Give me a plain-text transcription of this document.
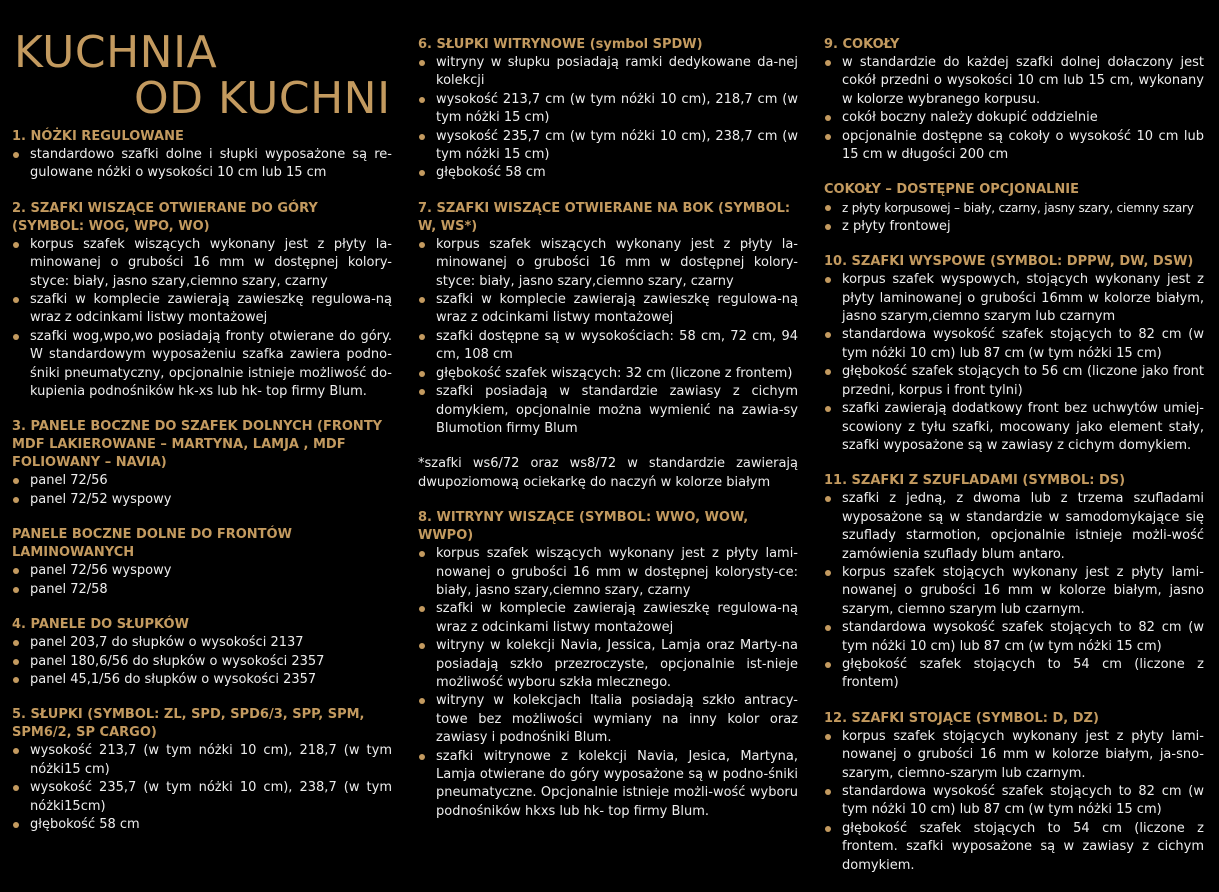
KUCHNIA
OD KUCHNI
1. NÓŻKI REGULOWANE
standardowo szafki dolne i słupki wyposażone są re-gulowane nóżki o wysokości 10 cm lub 15 cm
2. SZAFKI WISZĄCE OTWIERANE DO GÓRY (SYMBOL: WOG, WPO, WO)
korpus szafek wiszących wykonany jest z płyty la-minowanej o grubości 16 mm w dostępnej kolory-styce: biały, jasno szary,ciemno szary, czarny
szafki w komplecie zawierają zawieszkę regulowa-ną wraz z odcinkami listwy montażowej
szafki wog,wpo,wo posiadają fronty otwierane do góry. W standardowym wyposażeniu szafka zawiera podno-śniki pneumatyczny, opcjonalnie istnieje możliwość do-kupienia podnośników hk-xs lub hk- top firmy Blum.
3. PANELE BOCZNE DO SZAFEK DOLNYCH (FRONTY MDF LAKIEROWANE – MARTYNA, LAMJA , MDF FOLIOWANY – NAVIA)
panel 72/56
panel 72/52 wyspowy
PANELE BOCZNE DOLNE DO FRONTÓW LAMINOWANYCH
panel 72/56 wyspowy
panel 72/58
4. PANELE DO SŁUPKÓW
panel 203,7 do słupków o wysokości 2137
panel 180,6/56 do słupków o wysokości 2357
panel 45,1/56 do słupków o wysokości 2357
5. SŁUPKI (SYMBOL: ZL, SPD, SPD6/3, SPP, SPM, SPM6/2, SP CARGO)
wysokość 213,7 (w tym nóżki 10 cm), 218,7 (w tym nóżki15 cm)
wysokość 235,7 (w tym nóżki 10 cm), 238,7 (w tym nóżki15cm)
głębokość 58 cm
6. SŁUPKI WITRYNOWE (symbol SPDW)
witryny w słupku posiadają ramki dedykowane da-nej kolekcji
wysokość 213,7 cm (w tym nóżki 10 cm), 218,7 cm (w tym nóżki 15 cm)
wysokość 235,7 cm (w tym nóżki 10 cm), 238,7 cm (w tym nóżki 15 cm)
głębokość 58 cm
7. SZAFKI WISZĄCE OTWIERANE NA BOK (SYMBOL: W, WS*)
korpus szafek wiszących wykonany jest z płyty la-minowanej o grubości 16 mm w dostępnej kolory-styce: biały, jasno szary,ciemno szary, czarny
szafki w komplecie zawierają zawieszkę regulowa-ną wraz z odcinkami listwy montażowej
szafki dostępne są w wysokościach: 58 cm, 72 cm, 94 cm, 108 cm
głębokość szafek wiszących: 32 cm (liczone z frontem)
szafki posiadają w standardzie zawiasy z cichym domykiem, opcjonalnie można wymienić na zawia-sy Blumotion firmy Blum
*szafki ws6/72 oraz ws8/72 w standardzie zawierają dwupoziomową ociekarkę do naczyń w kolorze białym
8. WITRYNY WISZĄCE (SYMBOL: WWO, WOW, WWPO)
korpus szafek wiszących wykonany jest z płyty lami-nowanej o grubości 16 mm w dostępnej kolorysty-ce: biały, jasno szary,ciemno szary, czarny
szafki w komplecie zawierają zawieszkę regulowa-ną wraz z odcinkami listwy montażowej
witryny w kolekcji Navia, Jessica, Lamja oraz Marty-na posiadają szkło przezroczyste, opcjonalnie ist-nieje możliwość wyboru szkła mlecznego.
witryny w kolekcjach Italia posiadają szkło antracy-towe bez możliwości wymiany na inny kolor oraz zawiasy i podnośniki Blum.
szafki witrynowe z kolekcji Navia, Jesica, Martyna, Lamja otwierane do góry wyposażone są w podno-śniki pneumatyczne. Opcjonalnie istnieje możli-wość wyboru podnośników hkxs lub hk- top firmy Blum.
9. COKOŁY
w standardzie do każdej szafki dolnej dołaczony jest cokół przedni o wysokości 10 cm lub 15 cm, wykonany w kolorze wybranego korpusu.
cokół boczny należy dokupić oddzielnie
opcjonalnie dostępne są cokoły o wysokość 10 cm lub 15 cm w długości 200 cm
COKOŁY – DOSTĘPNE OPCJONALNIE
z płyty korpusowej – biały, czarny, jasny szary, ciemny szary
z płyty frontowej
10. SZAFKI WYSPOWE (SYMBOL: DPPW, DW, DSW)
korpus szafek wyspowych, stojących wykonany jest z płyty laminowanej o grubości 16mm w kolorze białym, jasno szarym,ciemno szarym lub czarnym
standardowa wysokość szafek stojących to 82 cm (w tym nóżki 10 cm) lub 87 cm (w tym nóżki 15 cm)
głębokość szafek stojących to 56 cm (liczone jako front przedni, korpus i front tylni)
szafki zawierają dodatkowy front bez uchwytów umiej-scowiony z tyłu szafki, mocowany jako element stały, szafki wyposażone są w zawiasy z cichym domykiem.
11. SZAFKI Z SZUFLADAMI (SYMBOL: DS)
szafki z jedną, z dwoma lub z trzema szufladami wyposażone są w standardzie w samodomykające się szuflady starmotion, opcjonalnie istnieje możli-wość zamówienia szuflady blum antaro.
korpus szafek stojących wykonany jest z płyty lami-nowanej o grubości 16 mm w kolorze białym, jasno szarym, ciemno szarym lub czarnym.
standardowa wysokość szafek stojących to 82 cm (w tym nóżki 10 cm) lub 87 cm (w tym nóżki 15 cm)
głębokość szafek stojących to 54 cm (liczone z frontem)
12. SZAFKI STOJĄCE (SYMBOL: D, DZ)
korpus szafek stojących wykonany jest z płyty lami-nowanej o grubości 16 mm w kolorze białym, ja-sno-szarym, ciemno-szarym lub czarnym.
standardowa wysokość szafek stojących to 82 cm (w tym nóżki 10 cm) lub 87 cm (w tym nóżki 15 cm)
głębokość szafek stojących to 54 cm (liczone z frontem. szafki wyposażone są w zawiasy z cichym domykiem.
